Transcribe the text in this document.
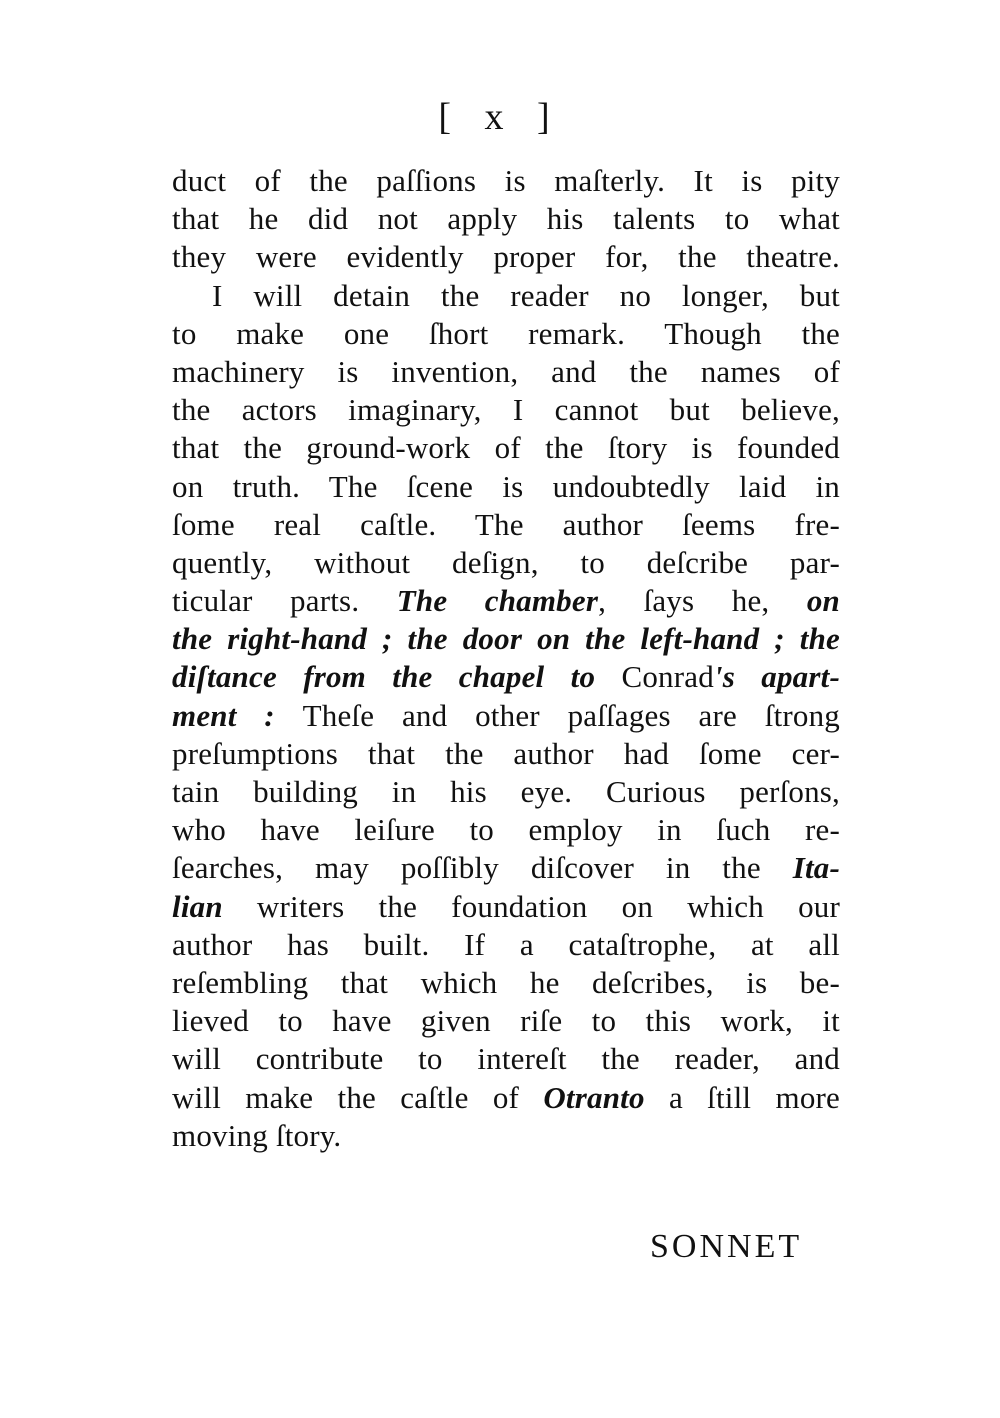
[ x ]
duct of the paſſions is maſterly. It is pity
that he did not apply his talents to what
they were evidently proper for, the theatre.
I will detain the reader no longer, but
to make one ſhort remark. Though the
machinery is invention, and the names of
the actors imaginary, I cannot but believe,
that the ground-work of the ſtory is founded
on truth. The ſcene is undoubtedly laid in
ſome real caſtle. The author ſeems fre-
quently, without deſign, to deſcribe par-
ticular parts. The chamber, ſays he, on
the right-hand ; the door on the left-hand ; the
diſtance from the chapel to Conrad's apart-
ment : Theſe and other paſſages are ſtrong
preſumptions that the author had ſome cer-
tain building in his eye. Curious perſons,
who have leiſure to employ in ſuch re-
ſearches, may poſſibly diſcover in the Ita-
lian writers the foundation on which our
author has built. If a cataſtrophe, at all
reſembling that which he deſcribes, is be-
lieved to have given riſe to this work, it
will contribute to intereſt the reader, and
will make the caſtle of Otranto a ſtill more
moving ſtory.
SONNET
